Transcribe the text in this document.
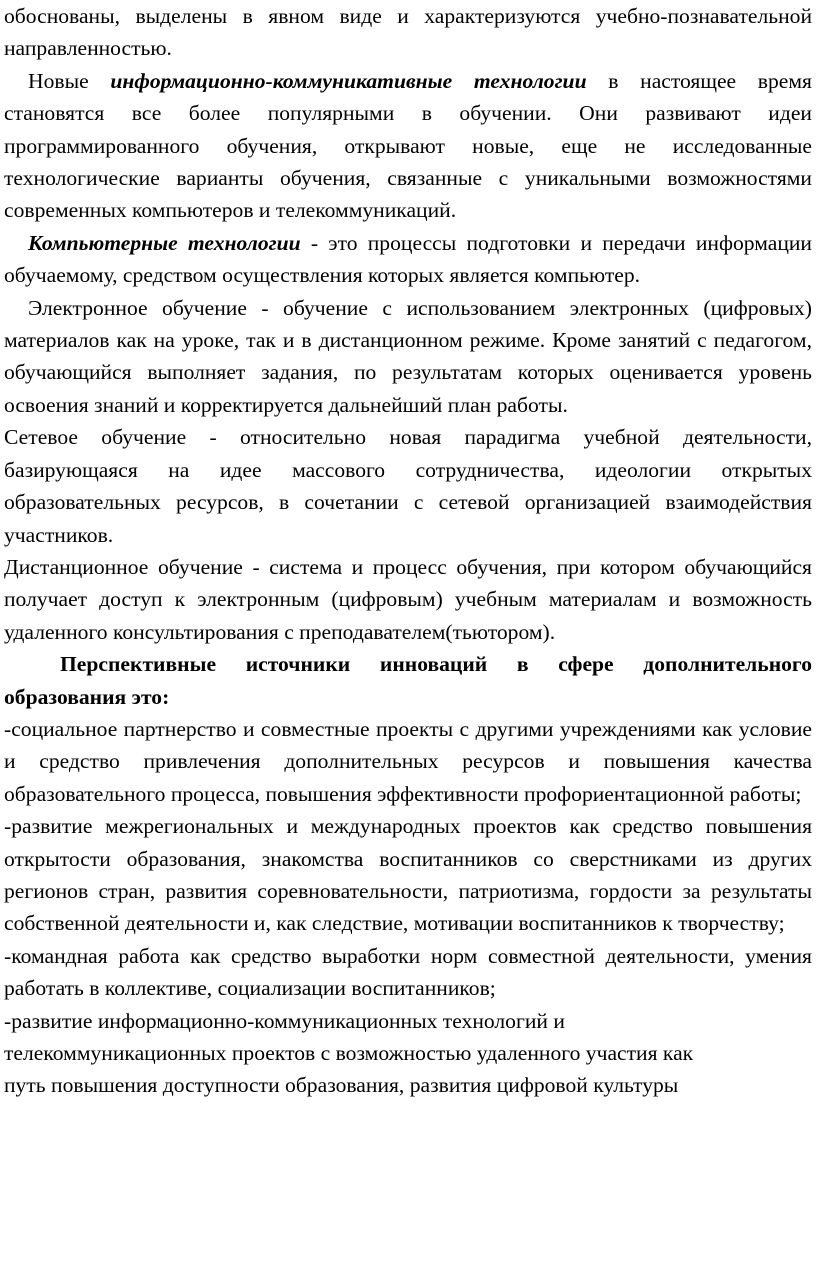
обоснованы, выделены в явном виде и характеризуются учебно-познавательной направленностью.

Новые информационно-коммуникативные технологии в настоящее время становятся все более популярными в обучении. Они развивают идеи программированного обучения, открывают новые, еще не исследованные технологические варианты обучения, связанные с уникальными возможностями современных компьютеров и телекоммуникаций.

Компьютерные технологии - это процессы подготовки и передачи информации обучаемому, средством осуществления которых является компьютер.

Электронное обучение - обучение с использованием электронных (цифровых) материалов как на уроке, так и в дистанционном режиме. Кроме занятий с педагогом, обучающийся выполняет задания, по результатам которых оценивается уровень освоения знаний и корректируется дальнейший план работы.

Сетевое обучение - относительно новая парадигма учебной деятельности, базирующаяся на идее массового сотрудничества, идеологии открытых образовательных ресурсов, в сочетании с сетевой организацией взаимодействия участников.

Дистанционное обучение - система и процесс обучения, при котором обучающийся получает доступ к электронным (цифровым) учебным материалам и возможность удаленного консультирования с преподавателем(тьютором).

Перспективные источники инноваций в сфере дополнительного образования это:

-социальное партнерство и совместные проекты с другими учреждениями как условие и средство привлечения дополнительных ресурсов и повышения качества образовательного процесса, повышения эффективности профориентационной работы;

-развитие межрегиональных и международных проектов как средство повышения открытости образования, знакомства воспитанников со сверстниками из других регионов стран, развития соревновательности, патриотизма, гордости за результаты собственной деятельности и, как следствие, мотивации воспитанников к творчеству;

-командная работа как средство выработки норм совместной деятельности, умения работать в коллективе, социализации воспитанников;

-развитие информационно-коммуникационных технологий и
телекоммуникационных проектов с возможностью удаленного участия как
путь повышения доступности образования, развития цифровой культуры
